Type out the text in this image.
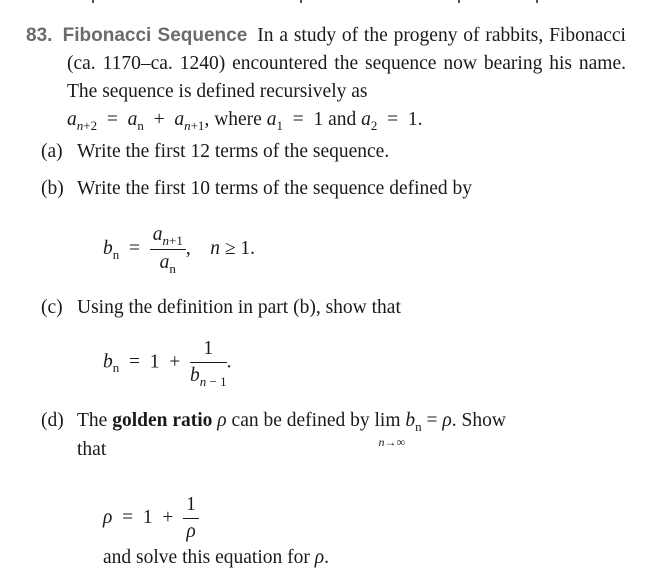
83. Fibonacci Sequence In a study of the progeny of rabbits, Fibonacci (ca. 1170–ca. 1240) encountered the sequence now bearing his name. The sequence is defined recursively as
$a_{n+2} = a_n + a_{n+1}$, where $a_1 = 1$ and $a_2 = 1$.
(a) Write the first 12 terms of the sequence.
(b) Write the first 10 terms of the sequence defined by
$b_n = \frac{a_{n+1}}{a_n}$ ,    n ≥ 1.
(c) Using the definition in part (b), show that
$b_n = 1 + \frac{1}{b_{n - 1}}$ .
(d) The golden ratio ρ can be defined by lim
n→∞
$b_n = \rho$. Show
that
$\rho = 1 + \frac{1}{\rho}$
and solve this equation for ρ.
